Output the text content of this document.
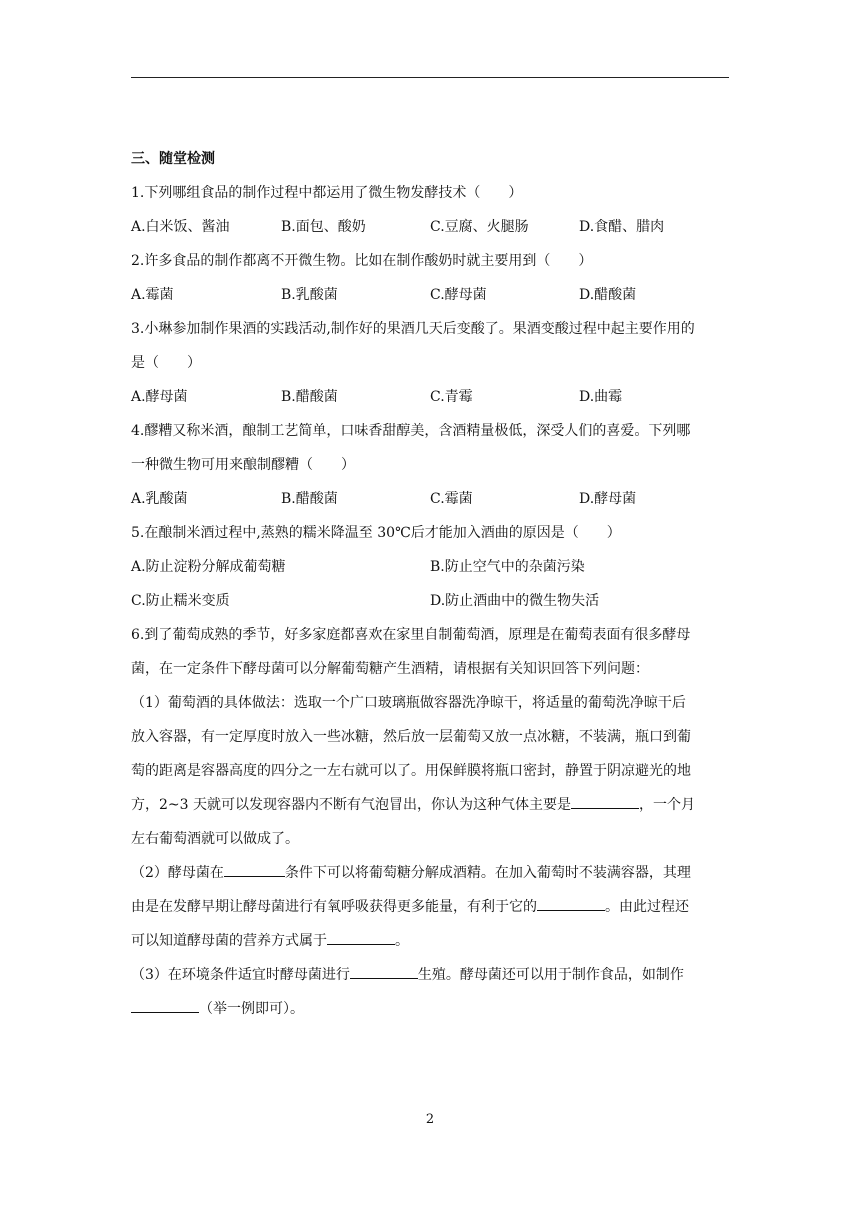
三、随堂检测
1.下列哪组食品的制作过程中都运用了微生物发酵技术（　　）
A.白米饭、酱油	B.面包、酸奶	C.豆腐、火腿肠	D.食醋、腊肉
2.许多食品的制作都离不开微生物。比如在制作酸奶时就主要用到（　　）
A.霉菌	B.乳酸菌	C.酵母菌	D.醋酸菌
3.小琳参加制作果酒的实践活动,制作好的果酒几天后变酸了。果酒变酸过程中起主要作用的
是（　　）
A.酵母菌	B.醋酸菌	C.青霉	D.曲霉
4.醪糟又称米酒，酿制工艺简单，口味香甜醇美，含酒精量极低，深受人们的喜爱。下列哪
一种微生物可用来酿制醪糟（　　）
A.乳酸菌	B.醋酸菌	C.霉菌	D.酵母菌
5.在酿制米酒过程中,蒸熟的糯米降温至 30℃后才能加入酒曲的原因是（　　）
A.防止淀粉分解成葡萄糖	B.防止空气中的杂菌污染
C.防止糯米变质	D.防止酒曲中的微生物失活
6.到了葡萄成熟的季节，好多家庭都喜欢在家里自制葡萄酒，原理是在葡萄表面有很多酵母
菌，在一定条件下酵母菌可以分解葡萄糖产生酒精，请根据有关知识回答下列问题：
（1）葡萄酒的具体做法：选取一个广口玻璃瓶做容器洗净晾干，将适量的葡萄洗净晾干后
放入容器，有一定厚度时放入一些冰糖，然后放一层葡萄又放一点冰糖，不装满，瓶口到葡
萄的距离是容器高度的四分之一左右就可以了。用保鲜膜将瓶口密封，静置于阴凉避光的地
方，2~3 天就可以发现容器内不断有气泡冒出，你认为这种气体主要是	，一个月
左右葡萄酒就可以做成了。
（2）酵母菌在	条件下可以将葡萄糖分解成酒精。在加入葡萄时不装满容器，其理
由是在发酵早期让酵母菌进行有氧呼吸获得更多能量，有利于它的	。由此过程还
可以知道酵母菌的营养方式属于	。
（3）在环境条件适宜时酵母菌进行	生殖。酵母菌还可以用于制作食品，如制作
（举一例即可）。
2
